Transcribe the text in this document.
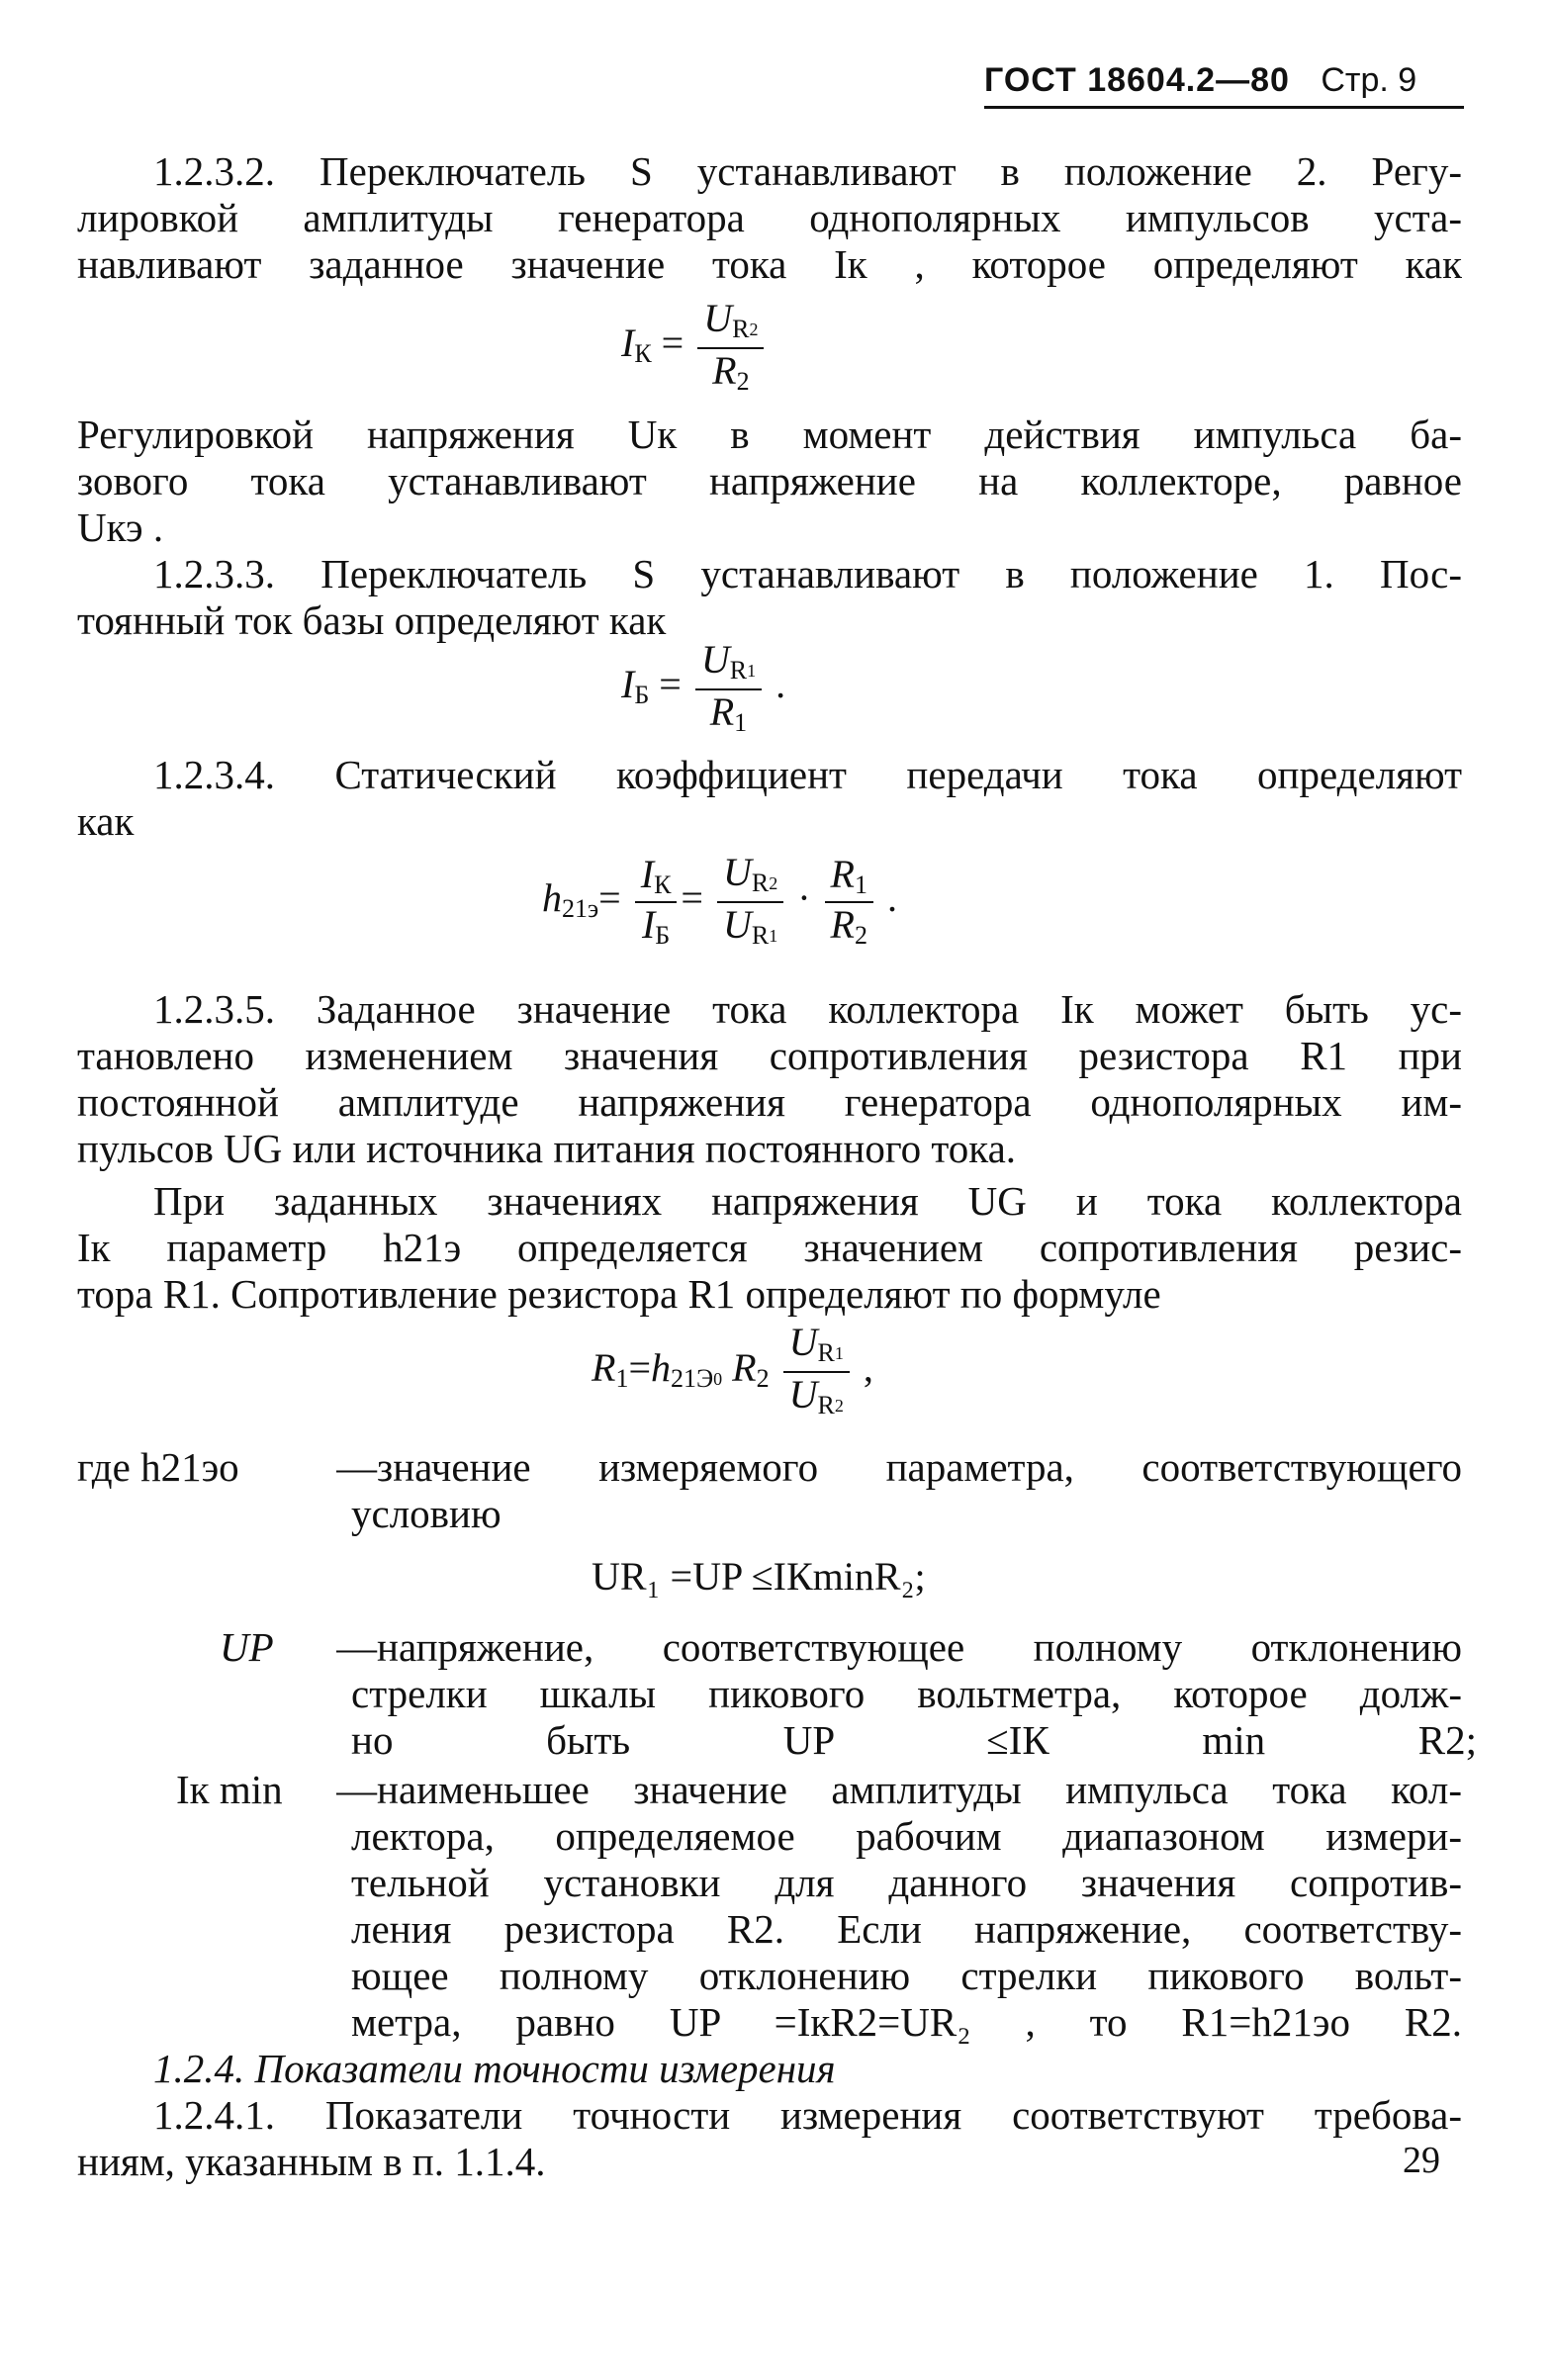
ГОСТ 18604.2—80 Стр. 9
1.2.3.2. Переключатель S устанавливают в положение 2. Регу-
лировкой амплитуды генератора однополярных импульсов уста-
навливают заданное значение тока Iк , которое определяют как
IК = $\frac{UR2}{R2}$
Регулировкой напряжения Uк в момент действия импульса ба-
зового тока устанавливают напряжение на коллекторе, равное
Uкэ .
1.2.3.3. Переключатель S устанавливают в положение 1. Пос-
тоянный ток базы определяют как
IБ = $\frac{UR1}{R1}$ .
1.2.3.4. Статический коэффициент передачи тока определяют
как
$h21э= \frac{IК}{IБ} = \frac{UR2}{UR1} \cdot \frac{R1}{R2}$ .
1.2.3.5. Заданное значение тока коллектора Iк может быть ус-
тановлено изменением значения сопротивления резистора R1 при
постоянной амплитуде напряжения генератора однополярных им-
пульсов UG или источника питания постоянного тока.
При заданных значениях напряжения UG и тока коллектора
Iк параметр h21э определяется значением сопротивления резис-
тора R1. Сопротивление резистора R1 определяют по формуле
R1=h21Э0 $R2 \frac{UR1}{UR2}$ ,
где h21эо —значение измеряемого параметра, соответствующего
условию
UR₁ =UP ≤IКminR₂;
UP —напряжение, соответствующее полному отклонению
стрелки шкалы пикового вольтметра, которое долж-
но быть UP ≤IК min R2;
Iк min —наименьшее значение амплитуды импульса тока кол-
лектора, определяемое рабочим диапазоном измери-
тельной установки для данного значения сопротив-
ления резистора R2. Если напряжение, соответству-
ющее полному отклонению стрелки пикового вольт-
метра, равно UP =IкR2=UR₂ , то R1=h21эо R2.
1.2.4. Показатели точности измерения
1.2.4.1. Показатели точности измерения соответствуют требова-
ниям, указанным в п. 1.1.4.	29
